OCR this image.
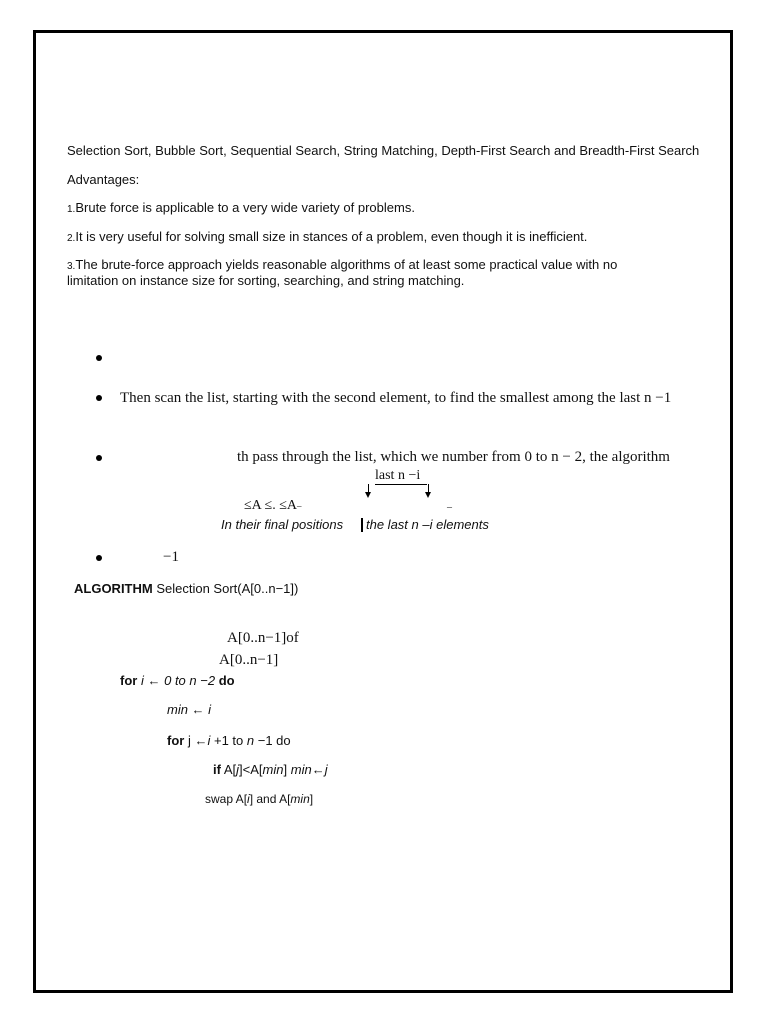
Selection Sort, Bubble Sort, Sequential Search, String Matching, Depth-First Search and Breadth-First Search
Advantages:
1.Brute force is applicable to a very wide variety of problems.
2.It is very useful for solving small size in stances of a problem, even though it is inefficient.
3.The brute-force approach yields reasonable algorithms of at least some practical value with no
limitation on instance size for sorting, searching, and string matching.
Then scan the list, starting with the second element, to find the smallest among the last n −1
th pass through the list, which we number from 0 to n − 2, the algorithm
last n −i
≤A ≤. ≤A–	–
In their final positions the last n –i elements
−1
ALGORITHM Selection Sort(A[0..n−1])
A[0..n−1]of
A[0..n−1]
for i ← 0 to n −2 do
min ← i
for j ←i +1 to n −1 do
if A[j]<A[min] min←j
swap A[i] and A[min]
